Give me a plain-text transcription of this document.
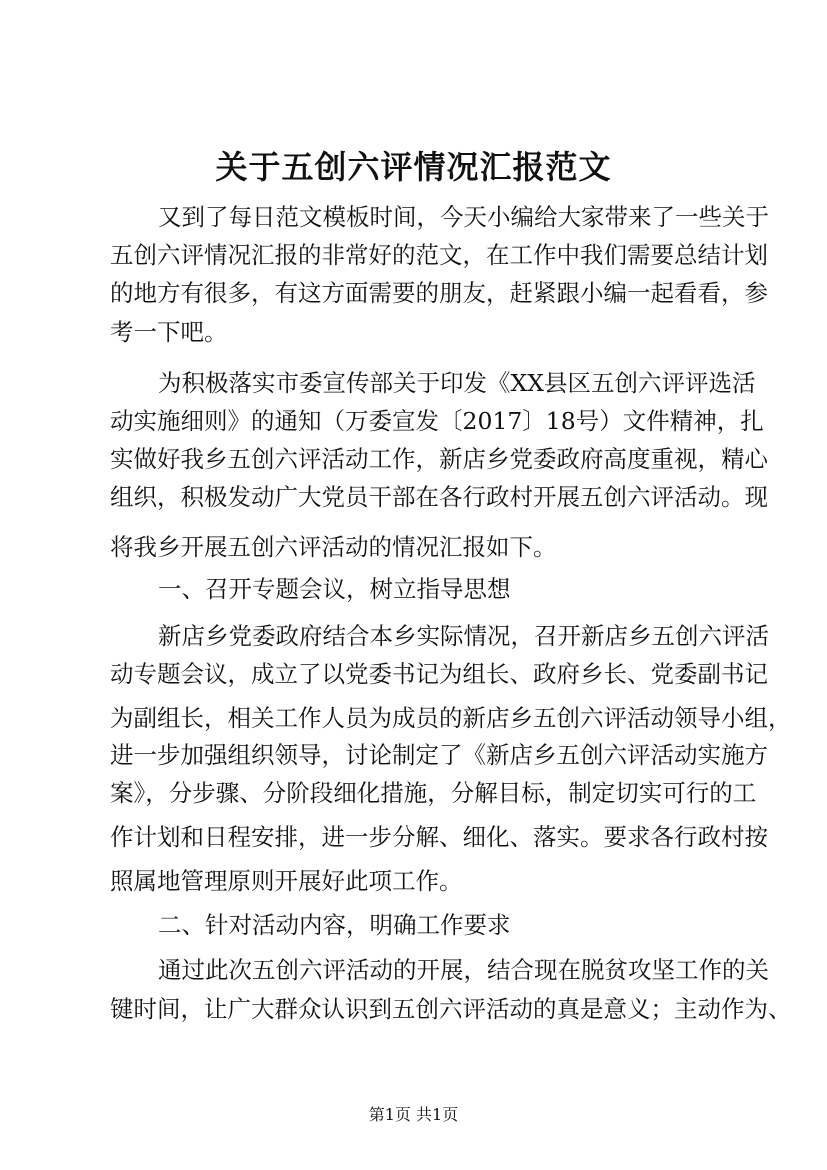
关于五创六评情况汇报范文
又到了每日范文模板时间，今天小编给大家带来了一些关于
五创六评情况汇报的非常好的范文，在工作中我们需要总结计划
的地方有很多，有这方面需要的朋友，赶紧跟小编一起看看，参
考一下吧。
为积极落实市委宣传部关于印发《XX县区五创六评评选活
动实施细则》的通知（万委宣发〔2017〕18号）文件精神，扎
实做好我乡五创六评活动工作，新店乡党委政府高度重视，精心
组织，积极发动广大党员干部在各行政村开展五创六评活动。现
将我乡开展五创六评活动的情况汇报如下。
一、召开专题会议，树立指导思想
新店乡党委政府结合本乡实际情况，召开新店乡五创六评活
动专题会议，成立了以党委书记为组长、政府乡长、党委副书记
为副组长，相关工作人员为成员的新店乡五创六评活动领导小组，
进一步加强组织领导，讨论制定了《新店乡五创六评活动实施方
案》，分步骤、分阶段细化措施，分解目标，制定切实可行的工
作计划和日程安排，进一步分解、细化、落实。要求各行政村按
照属地管理原则开展好此项工作。
二、针对活动内容，明确工作要求
通过此次五创六评活动的开展，结合现在脱贫攻坚工作的关
键时间，让广大群众认识到五创六评活动的真是意义；主动作为、
第1页 共1页
